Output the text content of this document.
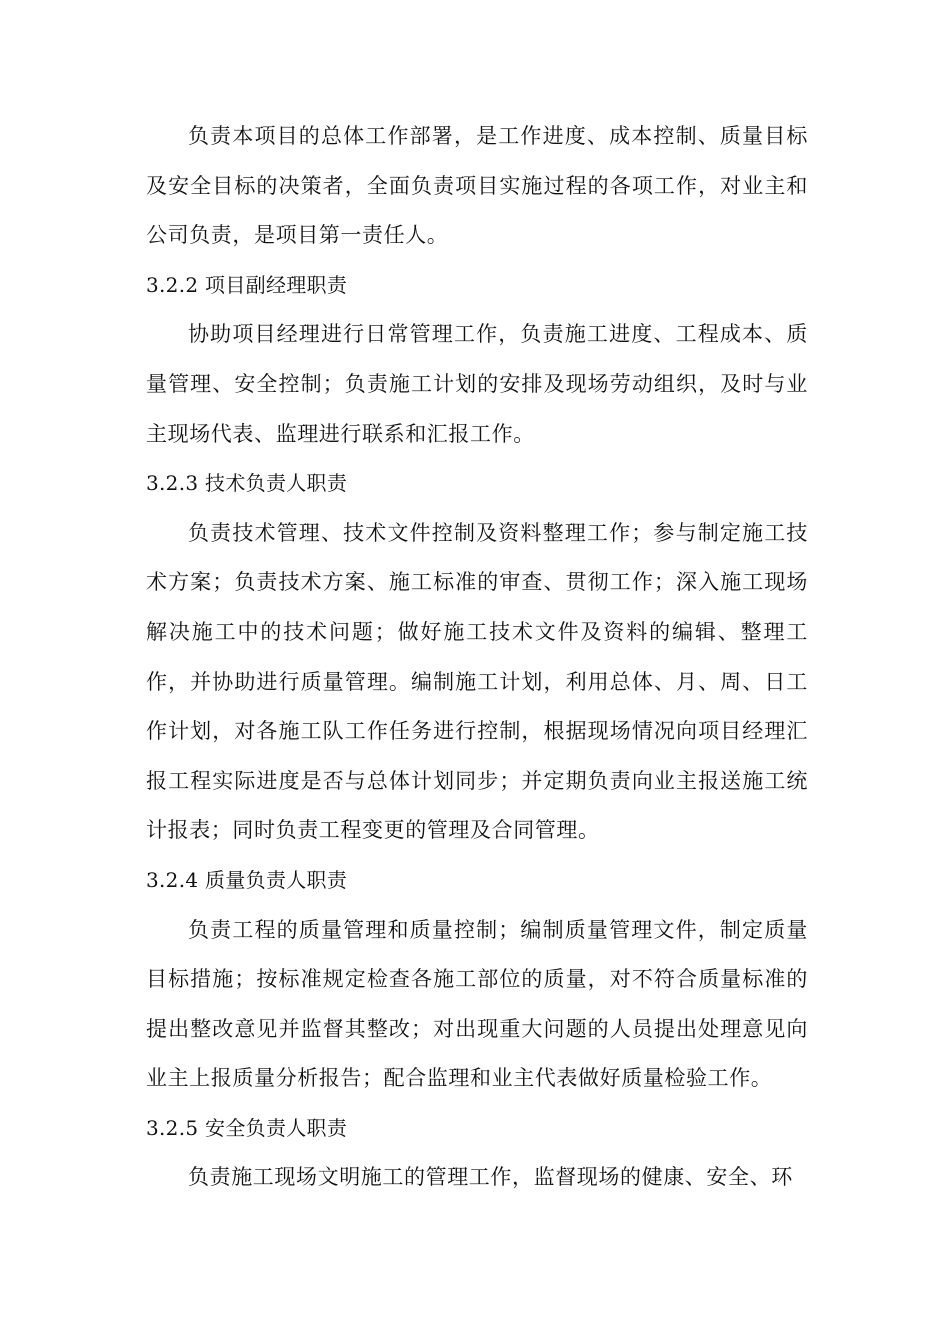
负责本项目的总体工作部署，是工作进度、成本控制、质量目标及安全目标的决策者，全面负责项目实施过程的各项工作，对业主和公司负责，是项目第一责任人。

3.2.2 项目副经理职责

协助项目经理进行日常管理工作，负责施工进度、工程成本、质量管理、安全控制；负责施工计划的安排及现场劳动组织，及时与业主现场代表、监理进行联系和汇报工作。

3.2.3 技术负责人职责

负责技术管理、技术文件控制及资料整理工作；参与制定施工技术方案；负责技术方案、施工标准的审查、贯彻工作；深入施工现场解决施工中的技术问题；做好施工技术文件及资料的编辑、整理工作，并协助进行质量管理。编制施工计划，利用总体、月、周、日工作计划，对各施工队工作任务进行控制，根据现场情况向项目经理汇报工程实际进度是否与总体计划同步；并定期负责向业主报送施工统计报表；同时负责工程变更的管理及合同管理。

3.2.4 质量负责人职责

负责工程的质量管理和质量控制；编制质量管理文件，制定质量目标措施；按标准规定检查各施工部位的质量，对不符合质量标准的提出整改意见并监督其整改；对出现重大问题的人员提出处理意见向业主上报质量分析报告；配合监理和业主代表做好质量检验工作。

3.2.5 安全负责人职责

负责施工现场文明施工的管理工作，监督现场的健康、安全、环
